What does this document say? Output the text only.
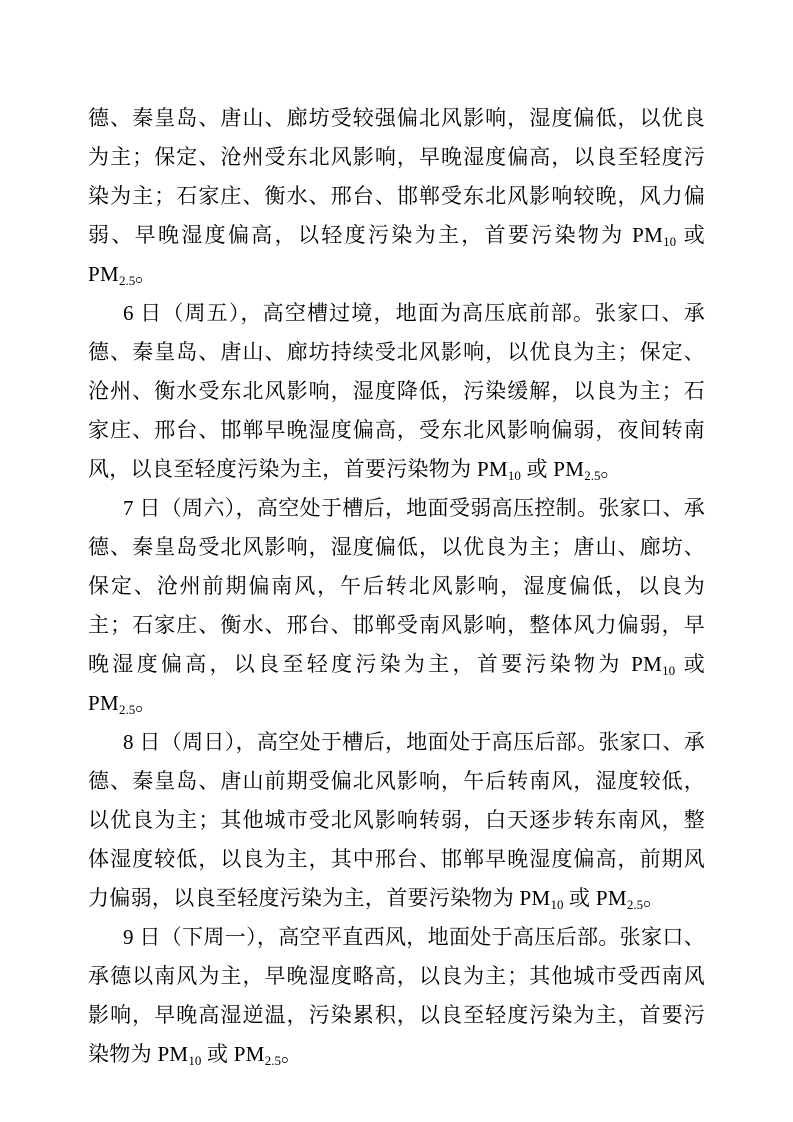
德、秦皇岛、唐山、廊坊受较强偏北风影响，湿度偏低，以优良为主；保定、沧州受东北风影响，早晚湿度偏高，以良至轻度污染为主；石家庄、衡水、邢台、邯郸受东北风影响较晚，风力偏弱、早晚湿度偏高，以轻度污染为主，首要污染物为 $PM_{10}$ 或 $PM_{2.5}$。

6 日（周五），高空槽过境，地面为高压底前部。张家口、承德、秦皇岛、唐山、廊坊持续受北风影响，以优良为主；保定、沧州、衡水受东北风影响，湿度降低，污染缓解，以良为主；石家庄、邢台、邯郸早晚湿度偏高，受东北风影响偏弱，夜间转南风，以良至轻度污染为主，首要污染物为 $PM_{10}$ 或 $PM_{2.5}$。

7 日（周六），高空处于槽后，地面受弱高压控制。张家口、承德、秦皇岛受北风影响，湿度偏低，以优良为主；唐山、廊坊、保定、沧州前期偏南风，午后转北风影响，湿度偏低，以良为主；石家庄、衡水、邢台、邯郸受南风影响，整体风力偏弱，早晚湿度偏高，以良至轻度污染为主，首要污染物为 $PM_{10}$ 或 $PM_{2.5}$。

8 日（周日），高空处于槽后，地面处于高压后部。张家口、承德、秦皇岛、唐山前期受偏北风影响，午后转南风，湿度较低，以优良为主；其他城市受北风影响转弱，白天逐步转东南风，整体湿度较低，以良为主，其中邢台、邯郸早晚湿度偏高，前期风力偏弱，以良至轻度污染为主，首要污染物为 $PM_{10}$ 或 $PM_{2.5}$。

9 日（下周一），高空平直西风，地面处于高压后部。张家口、承德以南风为主，早晚湿度略高，以良为主；其他城市受西南风影响，早晚高湿逆温，污染累积，以良至轻度污染为主，首要污染物为 $PM_{10}$ 或 $PM_{2.5}$。
